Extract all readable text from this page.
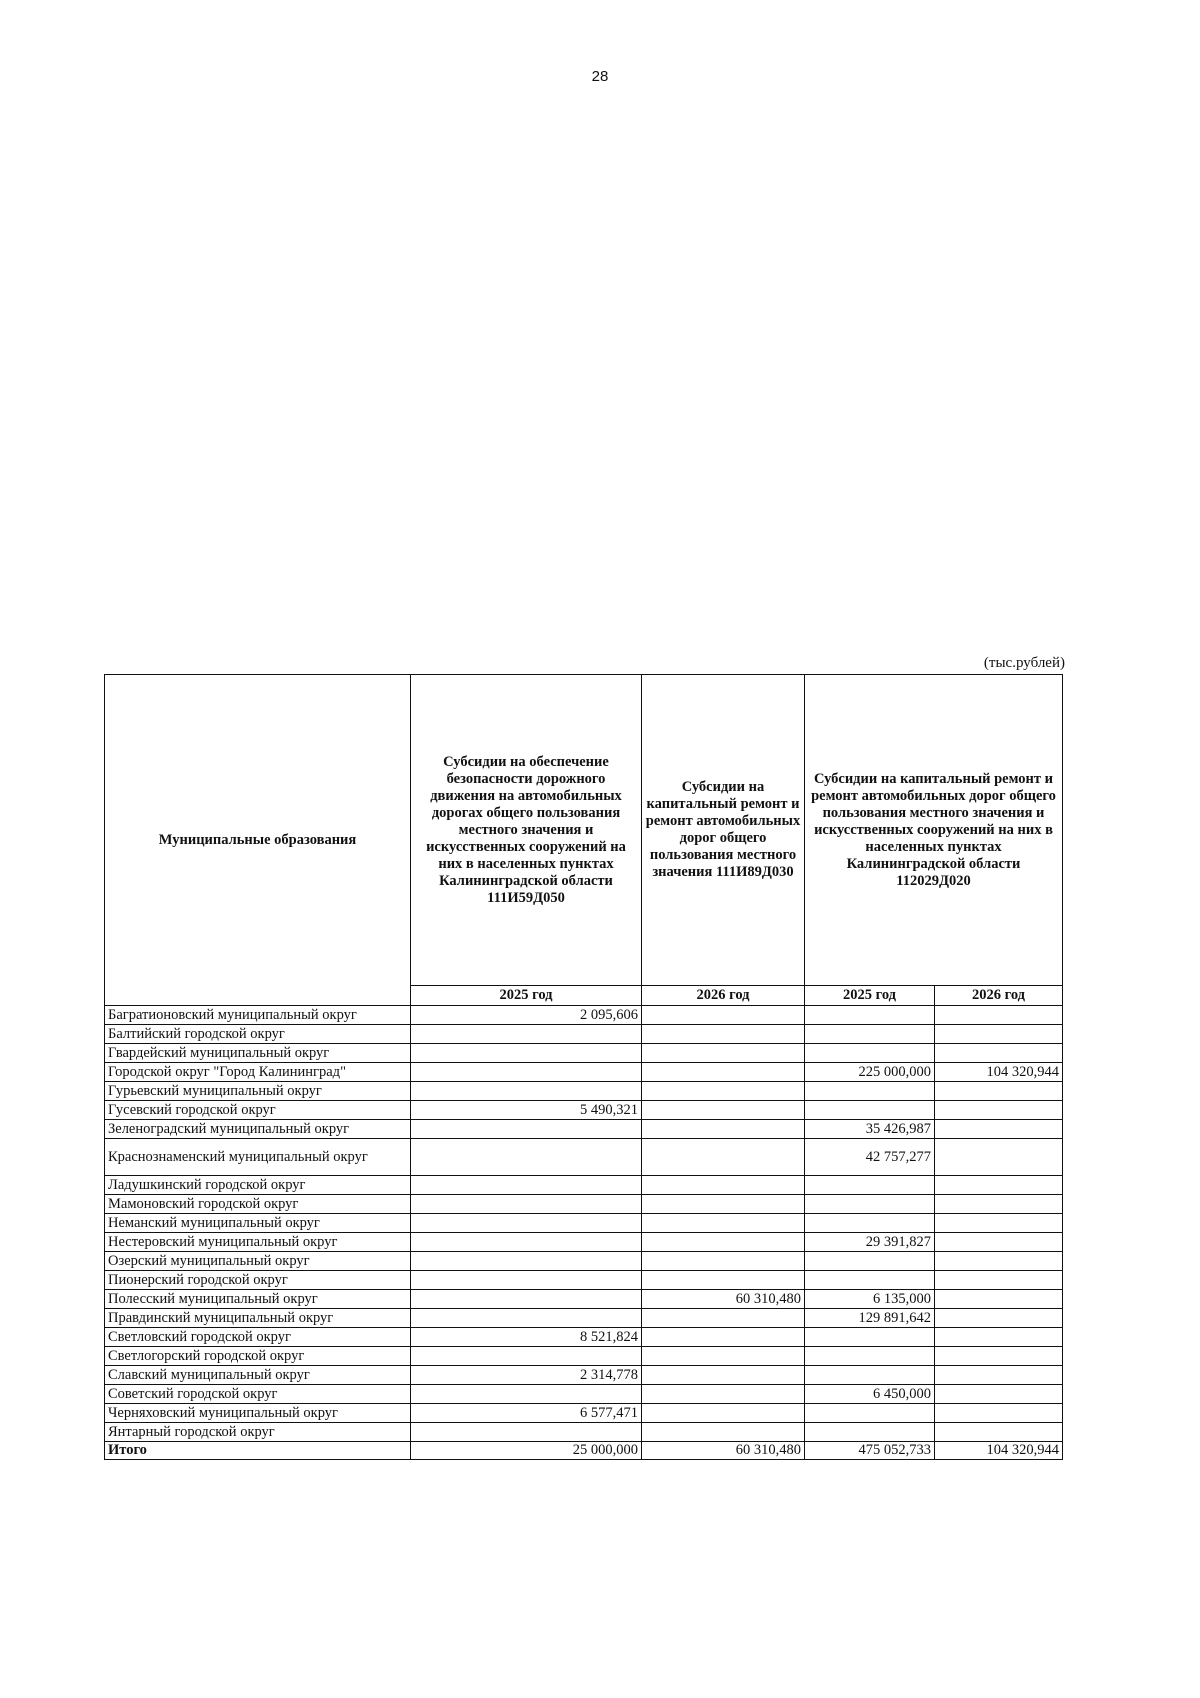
28
(тыс.рублей)
Муниципальные образования	Субсидии на обеспечение безопасности дорожного движения на автомобильных дорогах общего пользования местного значения и искусственных сооружений на них в населенных пунктах Калининградской области 111И59Д050	Субсидии на капитальный ремонт и ремонт автомобильных дорог общего пользования местного значения 111И89Д030	Субсидии на капитальный ремонт и ремонт автомобильных дорог общего пользования местного значения и искусственных сооружений на них в населенных пунктах Калининградской области 112029Д020	
	2025 год	2026 год	2025 год	2026 год
Багратионовский муниципальный округ	2 095,606			
Балтийский городской округ				
Гвардейский муниципальный округ				
Городской округ "Город Калининград"			225 000,000	104 320,944
Гурьевский муниципальный округ				
Гусевский городской округ	5 490,321			
Зеленоградский муниципальный округ			35 426,987	
Краснознаменский муниципальный округ			42 757,277	
Ладушкинский городской округ				
Мамоновский городской округ				
Неманский муниципальный округ				
Нестеровский муниципальный округ			29 391,827	
Озерский муниципальный округ				
Пионерский городской округ				
Полесский муниципальный округ		60 310,480	6 135,000	
Правдинский муниципальный округ			129 891,642	
Светловский городской округ	8 521,824			
Светлогорский городской округ				
Славский муниципальный округ	2 314,778			
Советский городской округ			6 450,000	
Черняховский муниципальный округ	6 577,471			
Янтарный городской округ				
Итого	25 000,000	60 310,480	475 052,733	104 320,944
